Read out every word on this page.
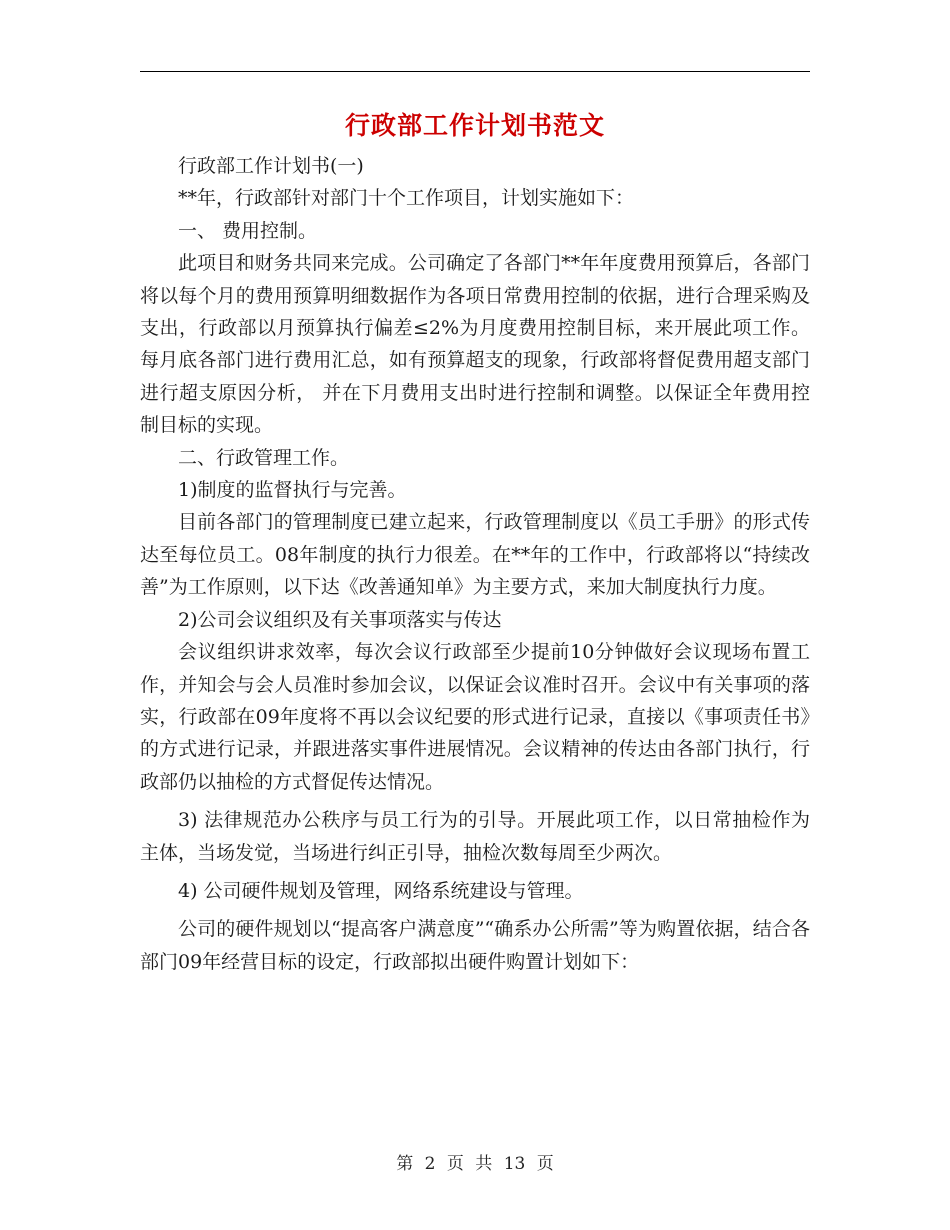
行政部工作计划书范文

行政部工作计划书(一)

**年，行政部针对部门十个工作项目，计划实施如下：

一、 费用控制。

此项目和财务共同来完成。公司确定了各部门**年年度费用预算后，各部门将以每个月的费用预算明细数据作为各项日常费用控制的依据，进行合理采购及支出，行政部以月预算执行偏差≤2%为月度费用控制目标，来开展此项工作。每月底各部门进行费用汇总，如有预算超支的现象，行政部将督促费用超支部门进行超支原因分析， 并在下月费用支出时进行控制和调整。以保证全年费用控制目标的实现。

二、行政管理工作。

1)制度的监督执行与完善。

目前各部门的管理制度已建立起来，行政管理制度以《员工手册》的形式传达至每位员工。08年制度的执行力很差。在**年的工作中，行政部将以“持续改善”为工作原则，以下达《改善通知单》为主要方式，来加大制度执行力度。

2)公司会议组织及有关事项落实与传达

会议组织讲求效率，每次会议行政部至少提前10分钟做好会议现场布置工作，并知会与会人员准时参加会议，以保证会议准时召开。会议中有关事项的落实，行政部在09年度将不再以会议纪要的形式进行记录，直接以《事项责任书》的方式进行记录，并跟进落实事件进展情况。会议精神的传达由各部门执行，行政部仍以抽检的方式督促传达情况。

3) 法律规范办公秩序与员工行为的引导。开展此项工作，以日常抽检作为主体，当场发觉，当场进行纠正引导，抽检次数每周至少两次。

4) 公司硬件规划及管理，网络系统建设与管理。

公司的硬件规划以“提高客户满意度”“确系办公所需”等为购置依据，结合各部门09年经营目标的设定，行政部拟出硬件购置计划如下：

第 2 页 共 13 页
